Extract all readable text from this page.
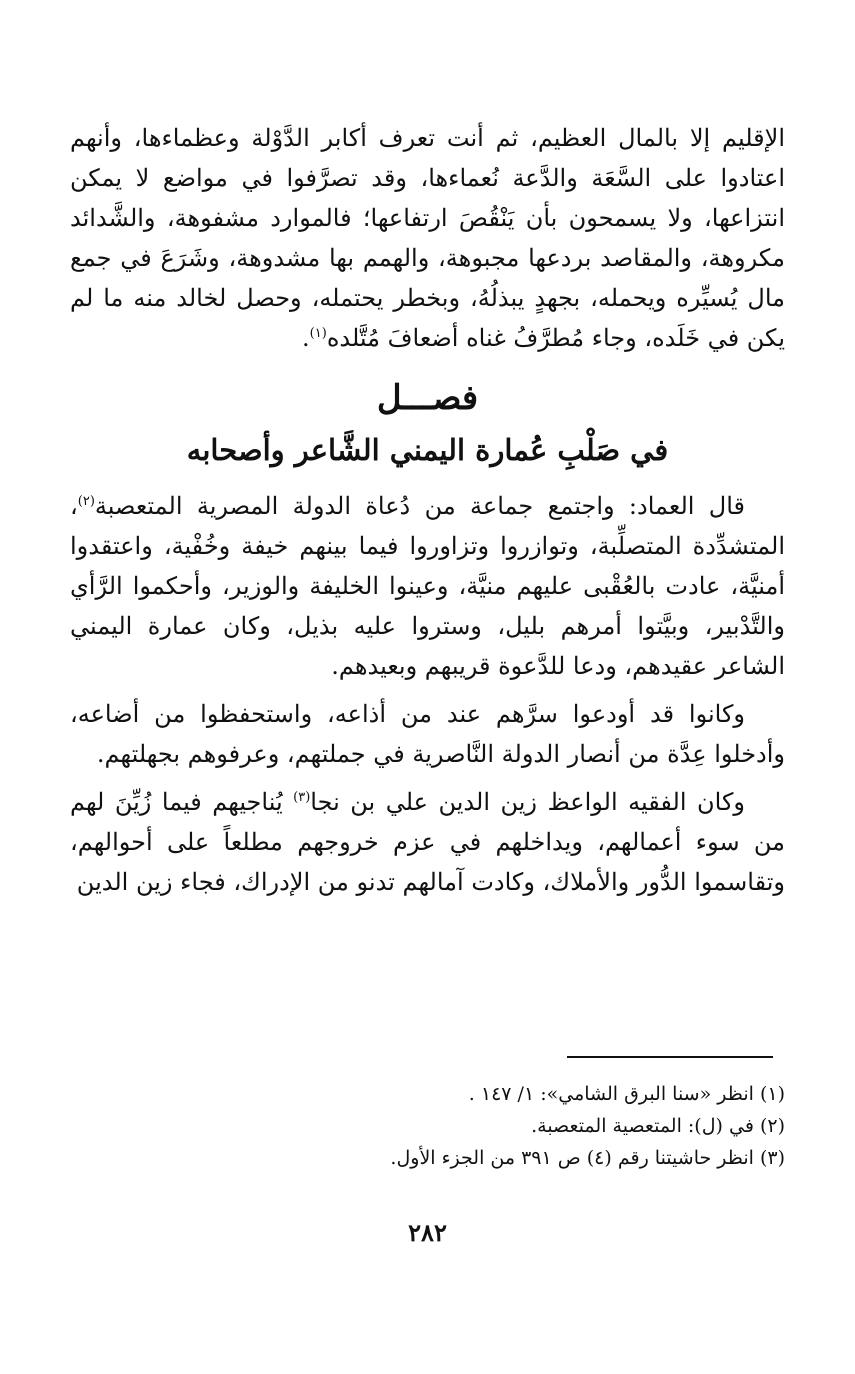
الإقليم إلا بالمال العظيم، ثم أنت تعرف أكابر الدَّوْلة وعظماءها، وأنهم اعتادوا على السَّعَة والدَّعة نُعماءها، وقد تصرَّفوا في مواضع لا يمكن انتزاعها، ولا يسمحون بأن يَنْقُصَ ارتفاعها؛ فالموارد مشفوهة، والشَّدائد مكروهة، والمقاصد بردعها مجبوهة، والهمم بها مشدوهة، وشَرَعَ في جمع مال يُسيِّره ويحمله، بجهدٍ يبذلُهُ، وبخطر يحتمله، وحصل لخالد منه ما لم يكن في خَلَده، وجاء مُطرَّفُ غناه أضعافَ مُتَّلده$^{(١)}$.

فصـــل
في صَلْبِ عُمارة اليمني الشَّاعر وأصحابه

قال العماد: واجتمع جماعة من دُعاة الدولة المصرية المتعصبة$^{(٢)}$، المتشدِّدة المتصلِّبة، وتوازروا وتزاوروا فيما بينهم خيفة وخُفْية، واعتقدوا أمنيَّة، عادت بالعُقْبى عليهم منيَّة، وعينوا الخليفة والوزير، وأحكموا الرَّأي والتَّدْبير، وبيَّتوا أمرهم بليل، وستروا عليه بذيل، وكان عمارة اليمني الشاعر عقيدهم، ودعا للدَّعوة قريبهم وبعيدهم.

وكانوا قد أودعوا سرَّهم عند من أذاعه، واستحفظوا من أضاعه، وأدخلوا عِدَّة من أنصار الدولة النَّاصرية في جملتهم، وعرفوهم بجهلتهم.

وكان الفقيه الواعظ زين الدين علي بن نجا$^{(٣)}$ يُناجيهم فيما زُيِّنَ لهم من سوء أعمالهم، ويداخلهم في عزم خروجهم مطلعاً على أحوالهم، وتقاسموا الدُّور والأملاك، وكادت آمالهم تدنو من الإدراك، فجاء زين الدين

(١) انظر «سنا البرق الشامي»: ١/ ١٤٧ .

(٢) في (ل): المتعصية المتعصبة.

(٣) انظر حاشيتنا رقم (٤) ص ٣٩١ من الجزء الأول.

٢٨٢
